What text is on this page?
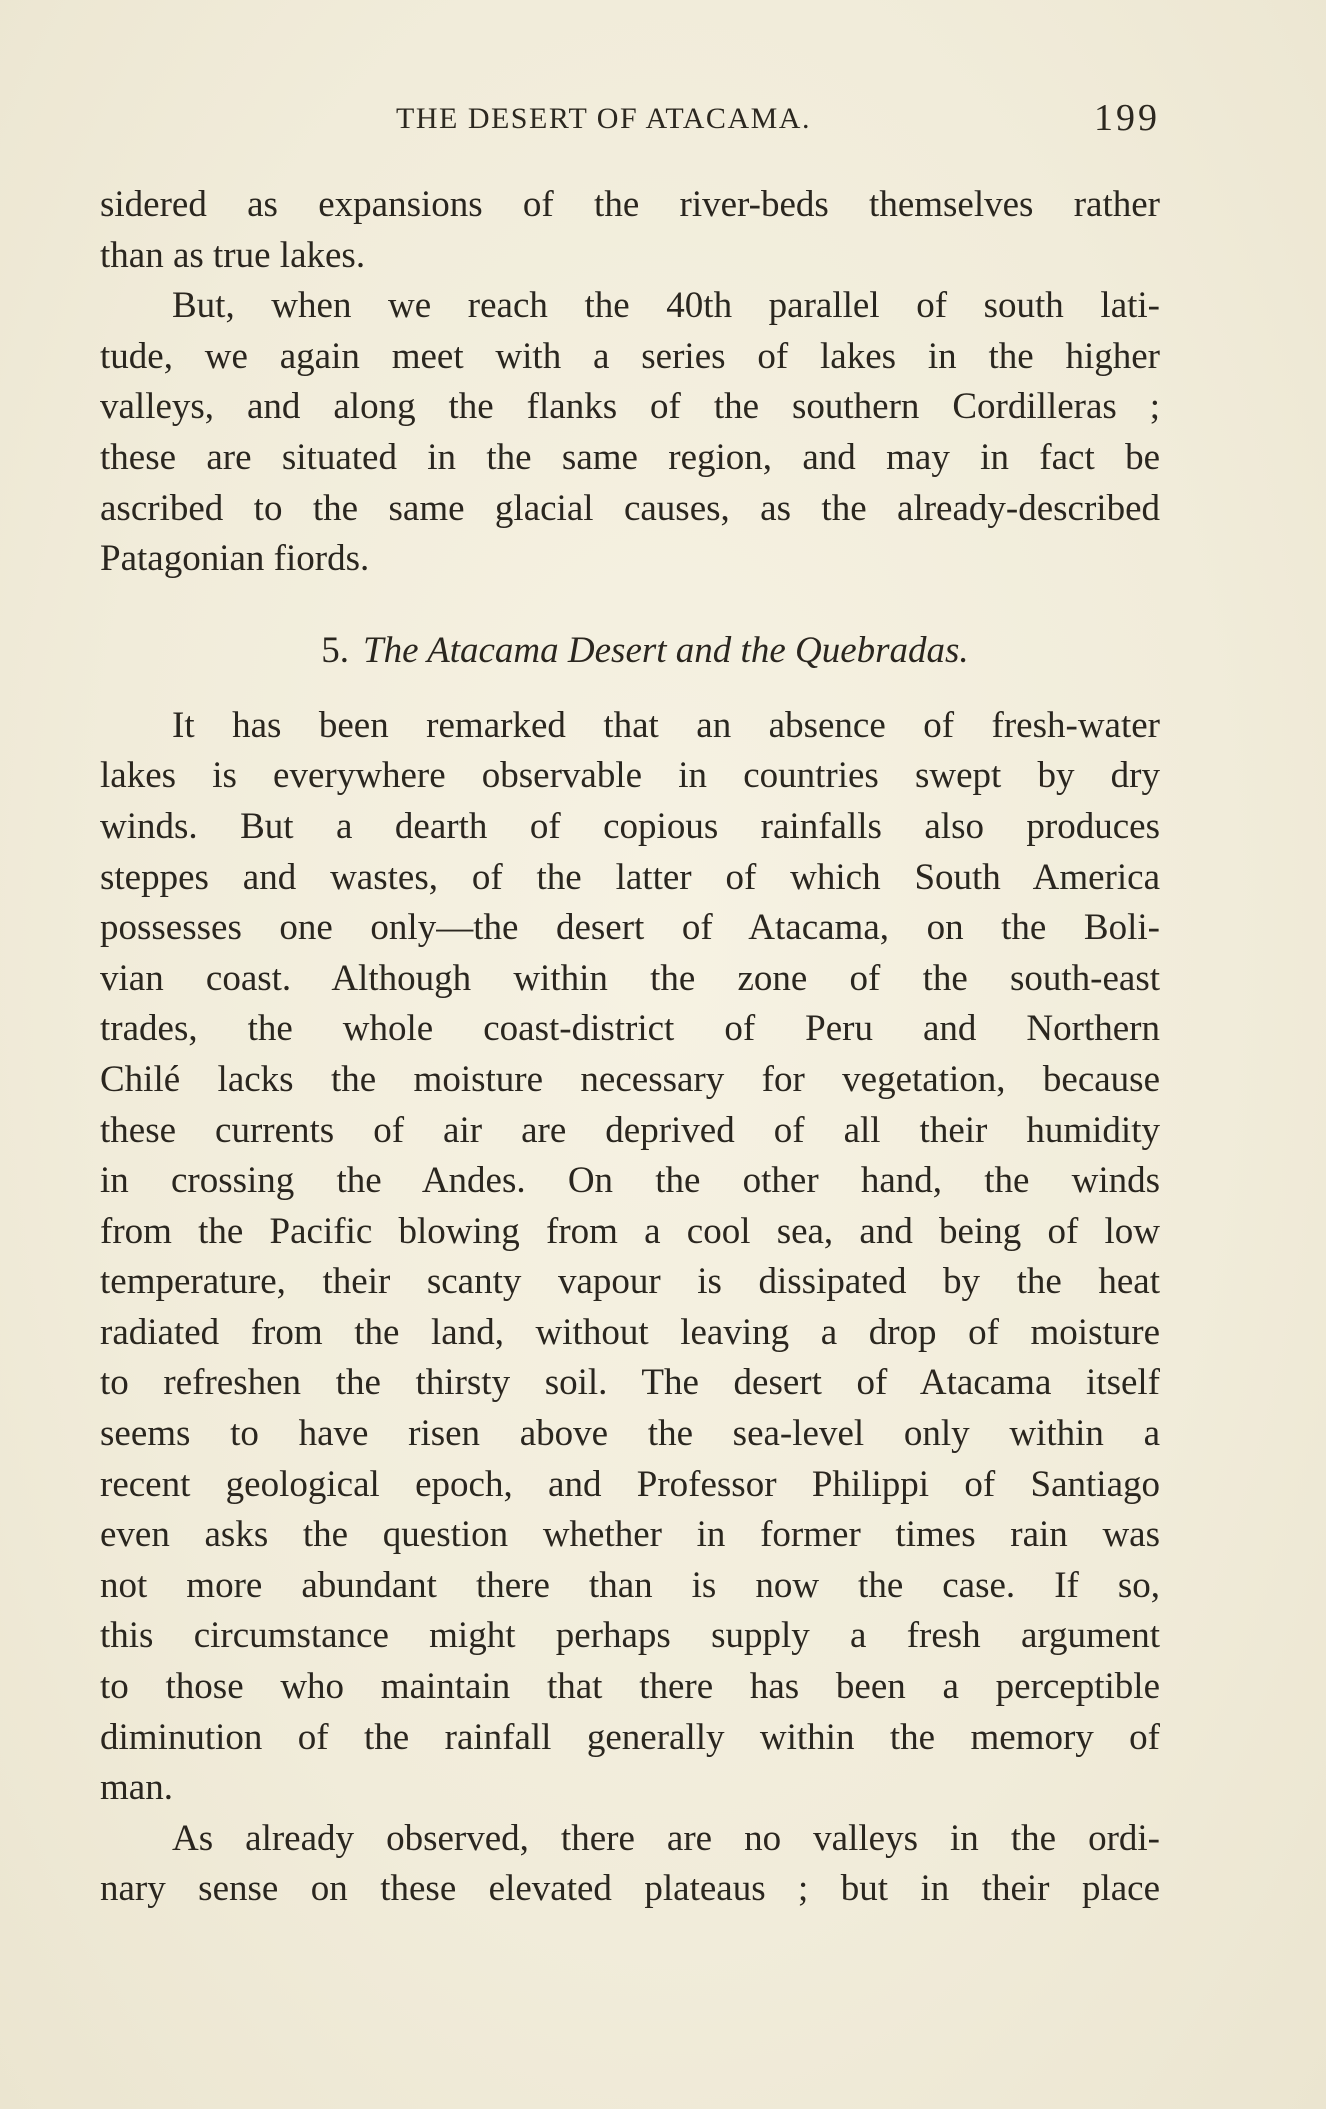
THE DESERT OF ATACAMA.	199
sidered as expansions of the river-beds themselves rather
than as true lakes.
But, when we reach the 40th parallel of south lati-
tude, we again meet with a series of lakes in the higher
valleys, and along the flanks of the southern Cordilleras ;
these are situated in the same region, and may in fact be
ascribed to the same glacial causes, as the already-described
Patagonian fiords.
5. The Atacama Desert and the Quebradas.
It has been remarked that an absence of fresh-water
lakes is everywhere observable in countries swept by dry
winds. But a dearth of copious rainfalls also produces
steppes and wastes, of the latter of which South America
possesses one only—the desert of Atacama, on the Boli-
vian coast. Although within the zone of the south-east
trades, the whole coast-district of Peru and Northern
Chilé lacks the moisture necessary for vegetation, because
these currents of air are deprived of all their humidity
in crossing the Andes. On the other hand, the winds
from the Pacific blowing from a cool sea, and being of low
temperature, their scanty vapour is dissipated by the heat
radiated from the land, without leaving a drop of moisture
to refreshen the thirsty soil. The desert of Atacama itself
seems to have risen above the sea-level only within a
recent geological epoch, and Professor Philippi of Santiago
even asks the question whether in former times rain was
not more abundant there than is now the case. If so,
this circumstance might perhaps supply a fresh argument
to those who maintain that there has been a perceptible
diminution of the rainfall generally within the memory of
man.
As already observed, there are no valleys in the ordi-
nary sense on these elevated plateaus ; but in their place
